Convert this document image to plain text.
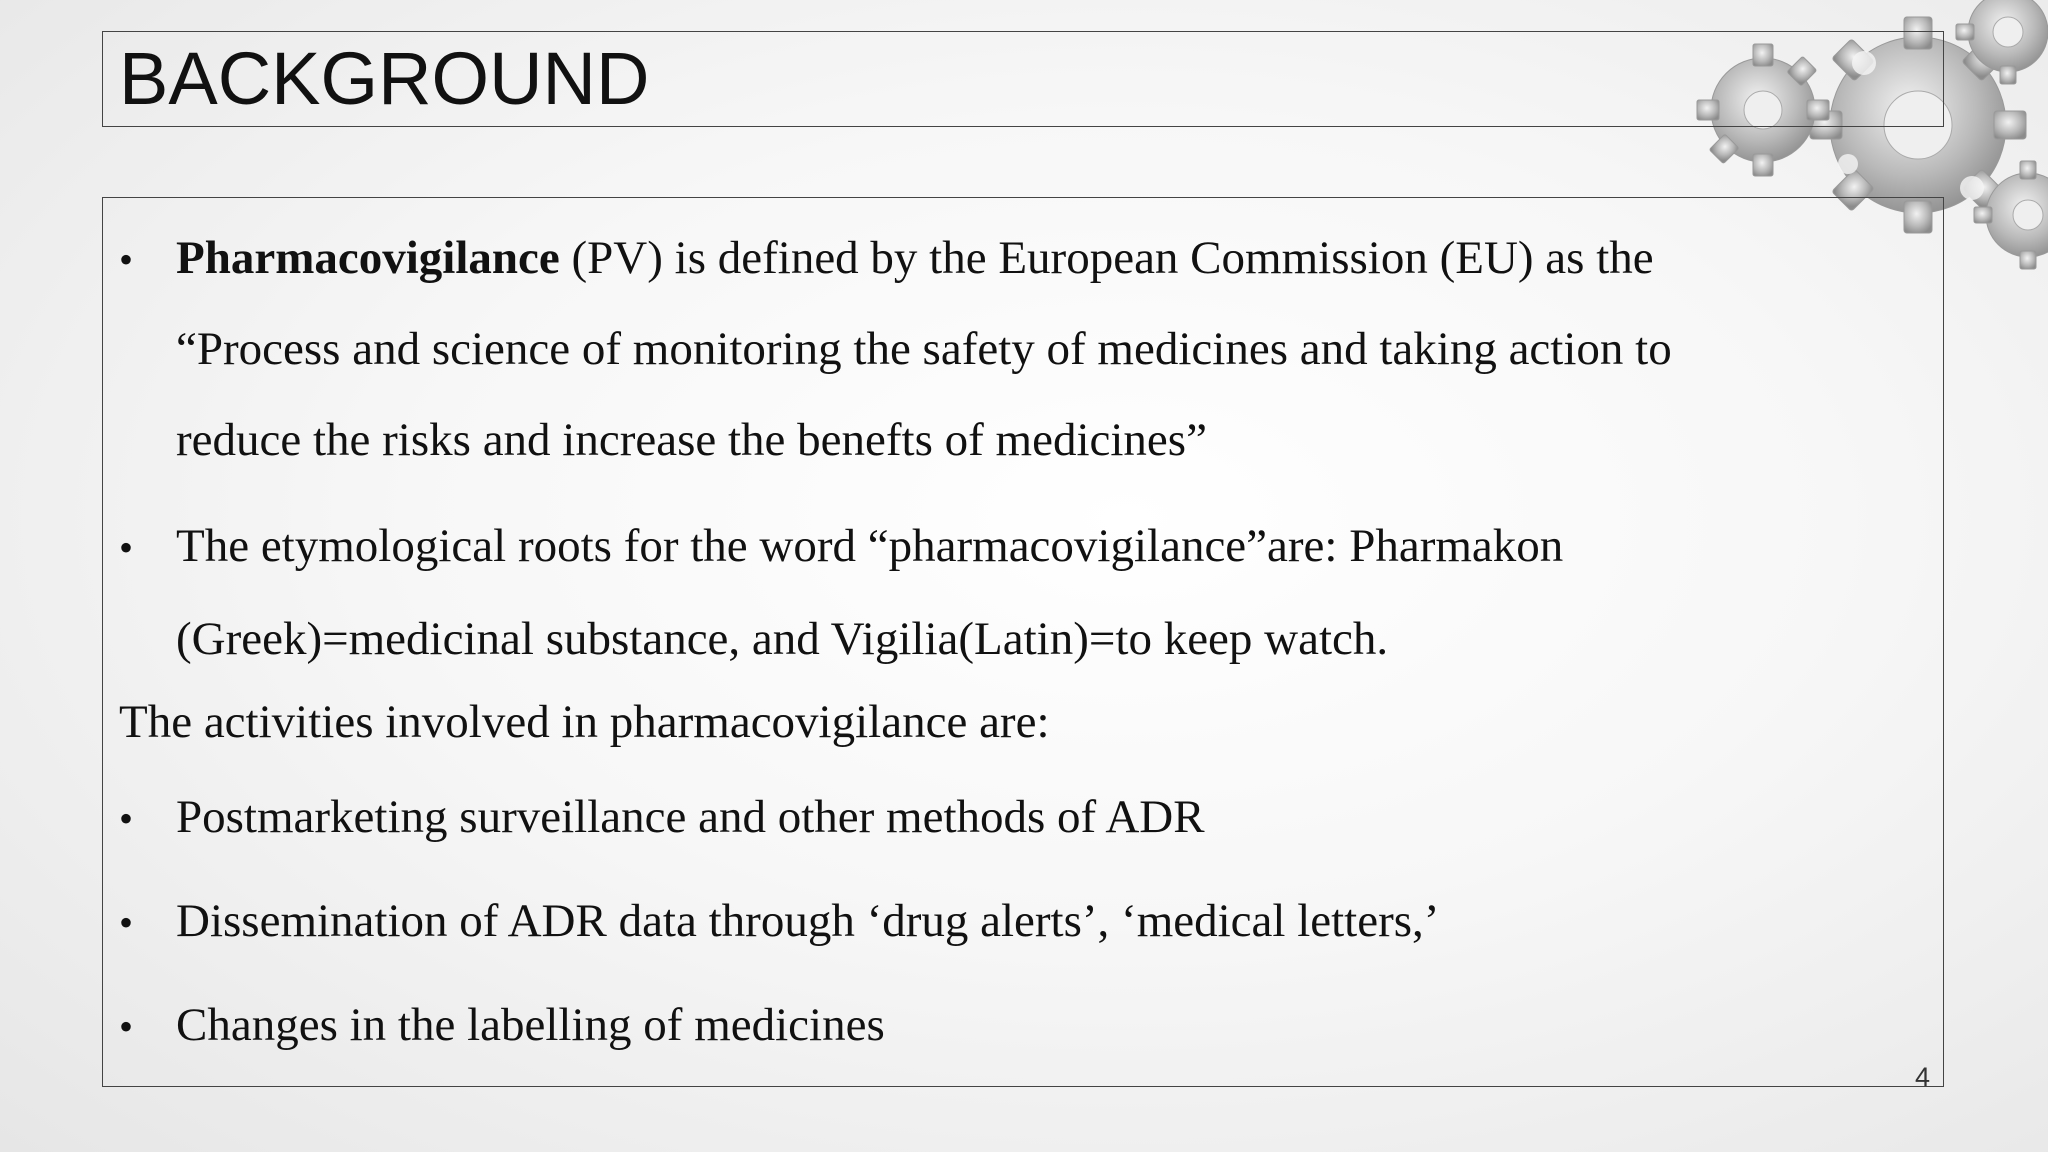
BACKGROUND
• Pharmacovigilance (PV) is defined by the European Commission (EU) as the
“Process and science of monitoring the safety of medicines and taking action to
reduce the risks and increase the benefts of medicines”
• The etymological roots for the word “pharmacovigilance”are: Pharmakon
(Greek)=medicinal substance, and Vigilia(Latin)=to keep watch.
The activities involved in pharmacovigilance are:
• Postmarketing surveillance and other methods of ADR
• Dissemination of ADR data through ‘drug alerts’, ‘medical letters,’
• Changes in the labelling of medicines
4
